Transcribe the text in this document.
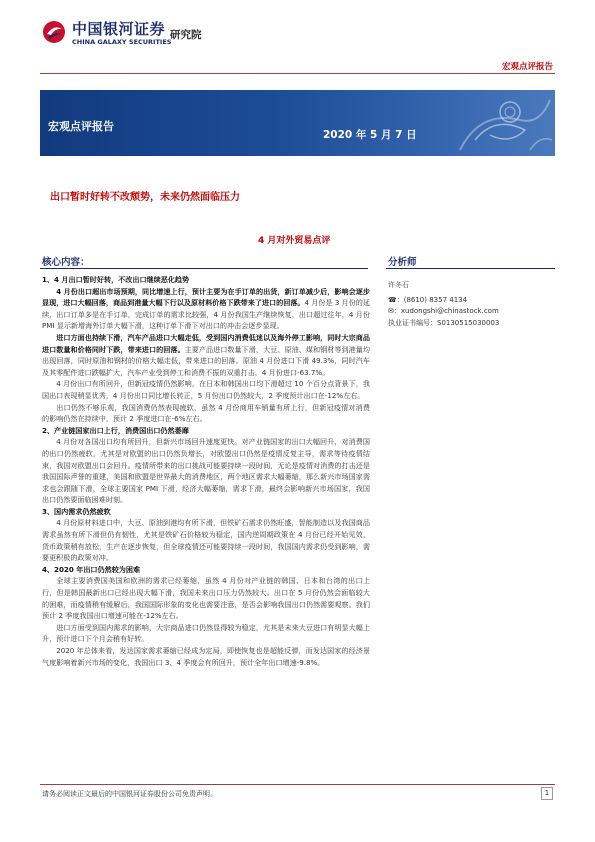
中国银河证券
CHINA GALAXY SECURITIES
研究院
宏观点评报告
宏观点评报告
2020 年 5 月 7 日
出口暂时好转不改颓势，未来仍然面临压力
4 月对外贸易点评
核心内容：	分析师
许冬石
☎：(8610) 8357 4134
✉：xudongshi@chinastock.com
执业证书编号：S0130515030003
1、4 月出口暂时好转，不改出口继续恶化趋势
4 月份出口超出市场预期，同比增速上行，预计主要为在手订单的出货，新订单减少后，影响会逐步显现，进口大幅回落，商品到港量大幅下行以及原材料价格下跌带来了进口的回落。4 月份是 3 月份的延续，出口订单多是在手订单，完成订单的需求比较强，4 月份我国生产继续恢复，出口超过往年，4 月份 PMI 显示新增海外订单大幅下滑，这种订单下滑下对出口的冲击会逐步显现。
进口方面也持续下滑，汽车产品进口大幅走低，受到国内消费低迷以及海外停工影响，同时大宗商品进口数量和价格同时下跌，带来进口的回落。主要产品进口数量下滑，大豆、原油、煤和钢材等到港量均出现回落，同时原油和钢材的价格大幅走低，带来进口的回落。原油 4 月份进口下滑 49.3%，同时汽车及其零配件进口跌幅扩大，汽车产业受到停工和消费不振的双重打击，4 月份进口-63.7%。
4 月份出口有所回升，但新冠疫情仍然影响，在日本和韩国出口均下滑超过 10 个百分点背景下，我国出口表现稍显优秀，4 月份出口同比增长转正，5 月份出口仍然较大，2 季度预计出口在-12%左右。
出口仍然不够乐观，我国消费仍然表现疲软，虽然 4 月份商用车销量有所上行，但新冠疫情对消费的影响仍然在持续中，预计 2 季度进口在-6%左右。
2、产业链国家出口上行，消费国出口仍然萎靡
4 月份对各国出口均有所回升，但新兴市场回升速度更快。对产业链国家的出口大幅回升，对消费国的出口仍然疲软，尤其是对欧盟的出口仍然负增长，对欧盟出口仍然是疫情反复主导，需求等待疫情结束，我国对欧盟出口会回升。疫情所带来的出口挑战可能要持续一段时间，无论是疫情对消费的打击还是我国国际声誉的重建，美国和欧盟是世界最大的消费地区，两个地区需求大幅萎缩，那么新兴市场国家需求也会跟随下滑，全球主要国家 PMI 下滑，经济大幅萎缩，需求下滑，最终会影响新兴市场国家，我国出口仍然要面临困难时刻。
3、国内需求仍然疲软
4 月份原材料进口中，大豆、原油到港均有所下滑，但铁矿石需求仍然旺盛，智能制造以及我国商品需求虽然有所下滑但仍有韧性，尤其是铁矿石价格较为稳定，国内逆周期政策在 4 月份已经开始见效，货币政策稍有放松，生产在逐步恢复，但全球疫情还可能要持续一段时间，我国国内需求仍受到影响，需要更积极的政策对冲。
4、2020 年出口仍然较为困难
全球主要消费国美国和欧洲的需求已经萎缩，虽然 4 月份对产业链的韩国、日本和台湾的出口上行，但是韩国最新出口已经出现大幅下滑，我国未来出口压力仍然较大。出口在 5 月份仍然会面临较大的困难，而疫情稍有缓解后，我国国际形象的变化也需要注意，是否会影响我国出口仍然需要观察。我们预计 2 季度我国出口增速可能在-12%左右。
进口方面受到国内需求的影响，大宗商品进口仍然显得较为稳定，尤其是未来大豆进口有明显大幅上升，预计进口下个月会稍有好转。
2020 年总体来看，发达国家需求萎缩已经成为定局，即使恢复也是超能反弹，而发达国家的经济景气度影响着新兴市场的变化，我国出口 3、4 季度会有所回升，预计全年出口增速-9.8%。
请务必阅读正文最后的中国银河证券股份公司免责声明。	1
